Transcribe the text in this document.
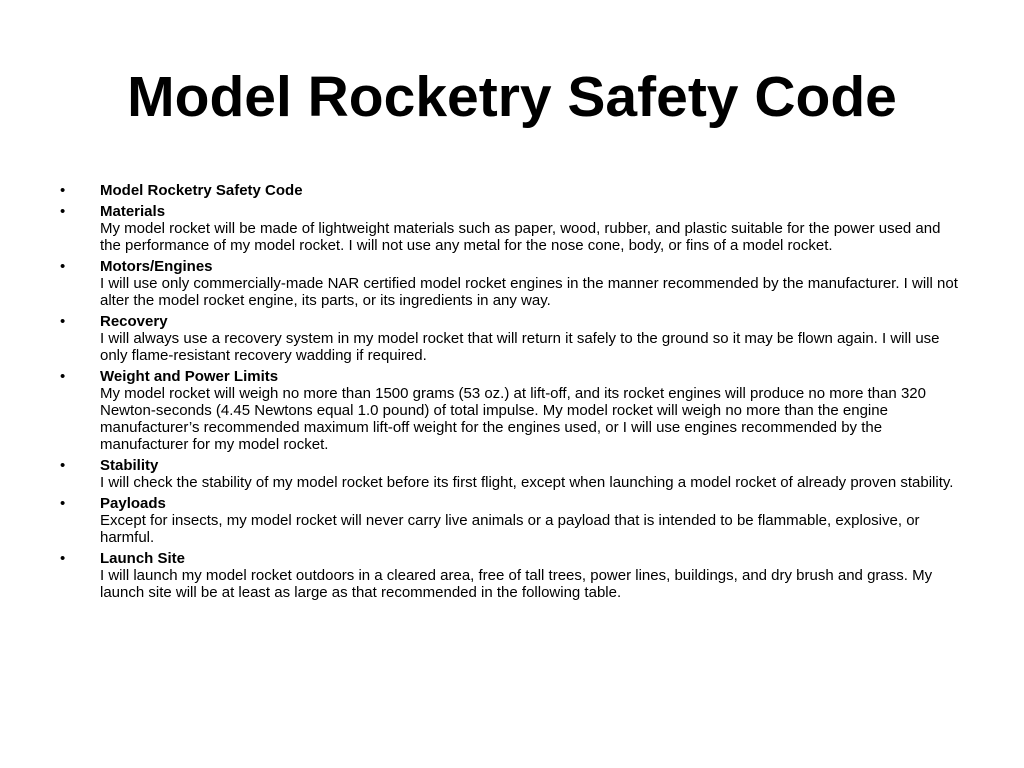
Model Rocketry Safety Code
• Model Rocketry Safety Code
• Materials
My model rocket will be made of lightweight materials such as paper, wood, rubber, and plastic suitable for the power used and the performance of my model rocket. I will not use any metal for the nose cone, body, or fins of a model rocket.
• Motors/Engines
I will use only commercially-made NAR certified model rocket engines in the manner recommended by the manufacturer. I will not alter the model rocket engine, its parts, or its ingredients in any way.
• Recovery
I will always use a recovery system in my model rocket that will return it safely to the ground so it may be flown again. I will use only flame-resistant recovery wadding if required.
• Weight and Power Limits
My model rocket will weigh no more than 1500 grams (53 oz.) at lift-off, and its rocket engines will produce no more than 320 Newton-seconds (4.45 Newtons equal 1.0 pound) of total impulse. My model rocket will weigh no more than the engine manufacturer’s recommended maximum lift-off weight for the engines used, or I will use engines recommended by the manufacturer for my model rocket.
• Stability
I will check the stability of my model rocket before its first flight, except when launching a model rocket of already proven stability.
• Payloads
Except for insects, my model rocket will never carry live animals or a payload that is intended to be flammable, explosive, or harmful.
• Launch Site
I will launch my model rocket outdoors in a cleared area, free of tall trees, power lines, buildings, and dry brush and grass. My launch site will be at least as large as that recommended in the following table.
